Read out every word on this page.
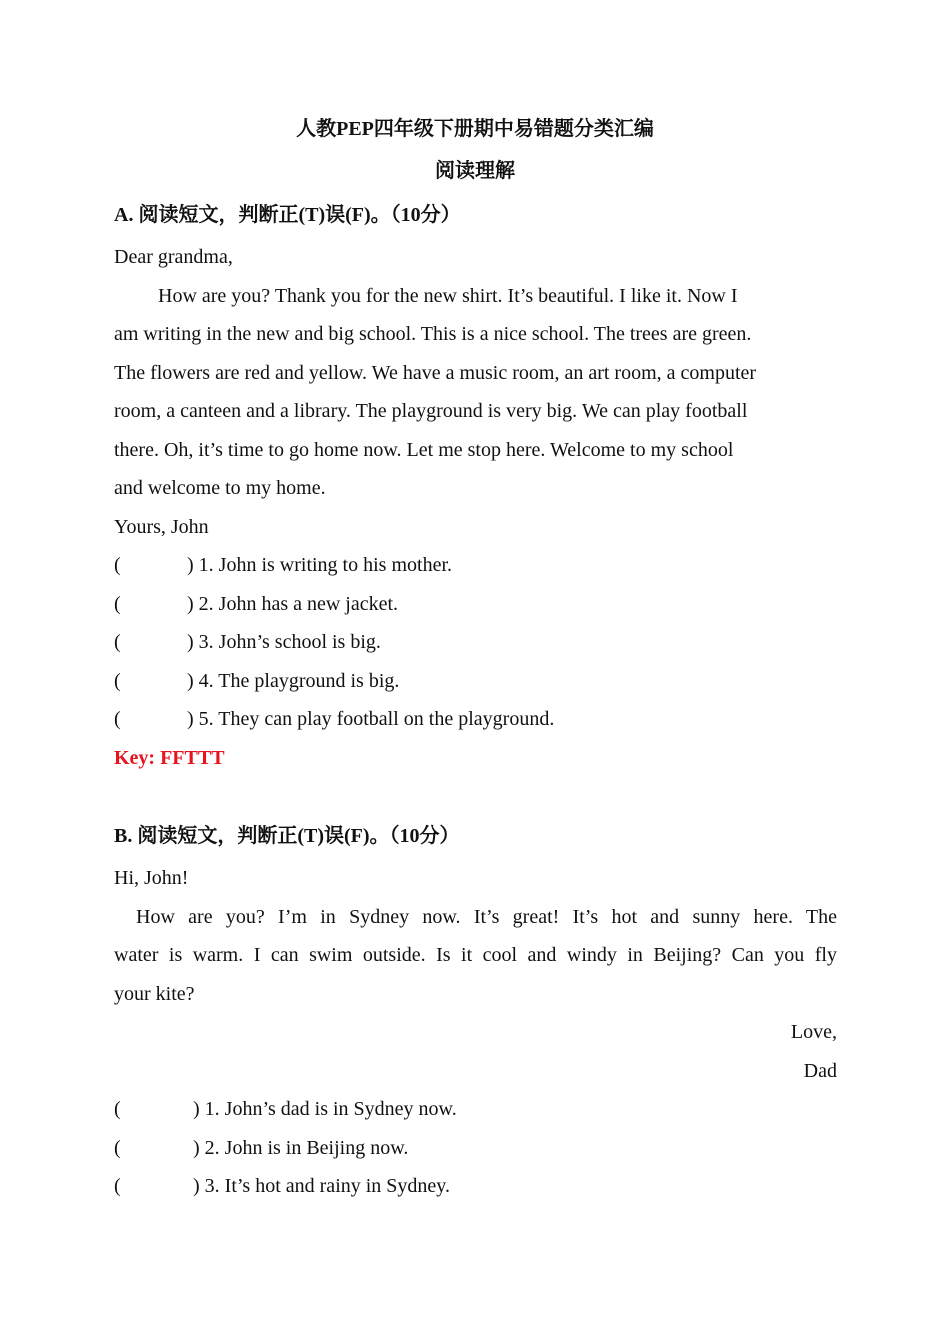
人教PEP四年级下册期中易错题分类汇编
阅读理解
A. 阅读短文，判断正(T)误(F)。（10分）
Dear grandma,
How are you? Thank you for the new shirt. It’s beautiful. I like it. Now I
am writing in the new and big school. This is a nice school. The trees are green.
The flowers are red and yellow. We have a music room, an art room, a computer
room, a canteen and a library. The playground is very big. We can play football
there. Oh, it’s time to go home now. Let me stop here. Welcome to my school
and welcome to my home.
Yours, John
(	) 1. John is writing to his mother.
(	) 2. John has a new jacket.
(	) 3. John’s school is big.
(	) 4. The playground is big.
(	) 5. They can play football on the playground.
Key: FFTTT
B. 阅读短文，判断正(T)误(F)。（10分）
Hi, John!
How are you? I’m in Sydney now. It’s great! It’s hot and sunny here. The
water is warm. I can swim outside. Is it cool and windy in Beijing? Can you fly
your kite?
Love,
Dad
(	) 1. John’s dad is in Sydney now.
(	) 2. John is in Beijing now.
(	) 3. It’s hot and rainy in Sydney.
